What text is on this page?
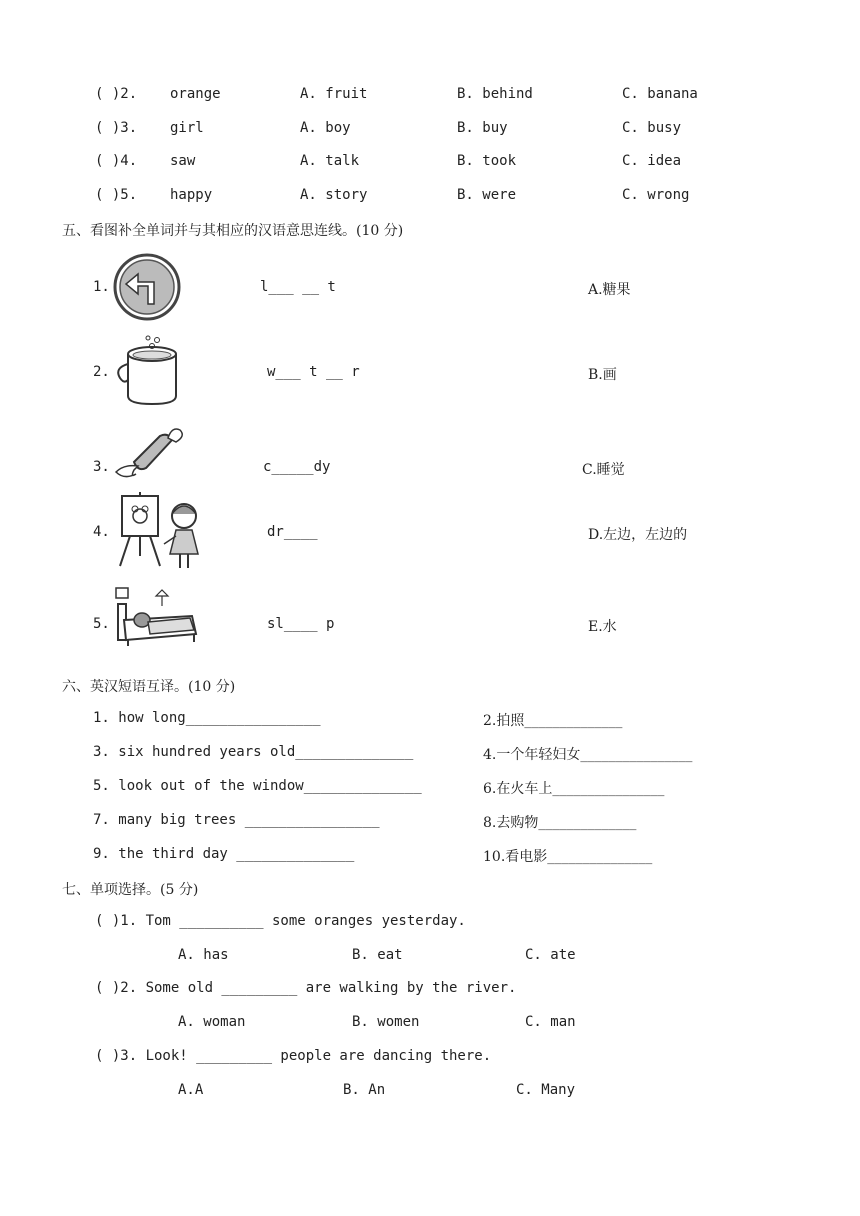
( )2. orange	A. fruit	B. behind	C. banana
( )3. girl	A. boy	B. buy	C. busy
( )4. saw	A. talk	B. took	C. idea
( )5. happy	A. story	B. were	C. wrong
五、看图补全单词并与其相应的汉语意思连线。(10 分)
1.	l___ __ t	A.糖果
2.	w___ t __ r	B.画
3.	c_____dy	C.睡觉
4.	dr____	D.左边，左边的
5.	sl____ p	E.水
六、英汉短语互译。(10 分)
1. how long________________	2.拍照______________
3. six hundred years old______________	4.一个年轻妇女________________
5. look out of the window______________	6.在火车上________________
7. many big trees ________________	8.去购物______________
9. the third day ______________	10.看电影_______________
七、单项选择。(5 分)
( )1. Tom __________ some oranges yesterday.
A. has	B. eat	C. ate
( )2. Some old _________ are walking by the river.
A. woman	B. women	C. man
( )3. Look! _________ people are dancing there.
A.A	B. An	C. Many
